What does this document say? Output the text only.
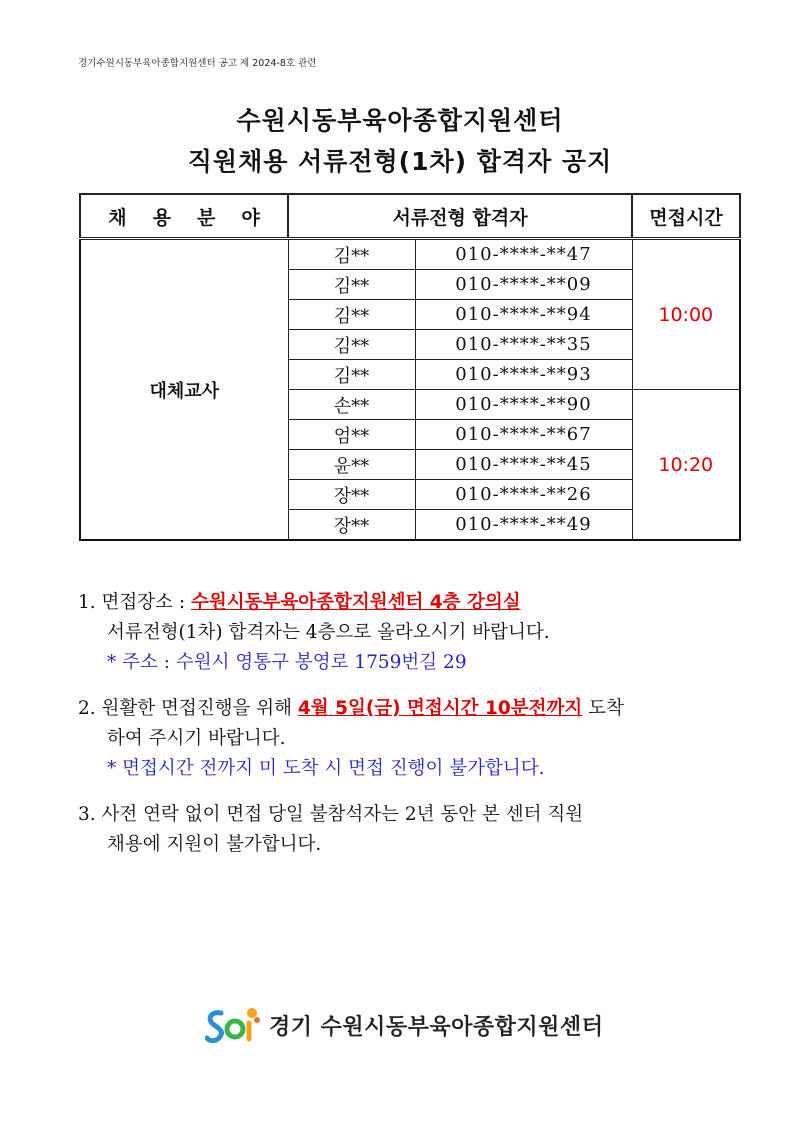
경기수원시동부육아종합지원센터 공고 제 2024-8호 관련
수원시동부육아종합지원센터
직원채용 서류전형(1차) 합격자 공지
채용분야	서류전형 합격자		면접시간
대체교사	김**	010-****-**47	10:00
	김**	010-****-**09	
	김**	010-****-**94	
	김**	010-****-**35	
	김**	010-****-**93	
	손**	010-****-**90	10:20
	엄**	010-****-**67	
	윤**	010-****-**45	
	장**	010-****-**26	
	장**	010-****-**49	
1. 면접장소 : 수원시동부육아종합지원센터 4층 강의실
서류전형(1차) 합격자는 4층으로 올라오시기 바랍니다.
* 주소 : 수원시 영통구 봉영로 1759번길 29
2. 원활한 면접진행을 위해 4월 5일(금) 면접시간 10분전까지 도착
하여 주시기 바랍니다.
* 면접시간 전까지 미 도착 시 면접 진행이 불가합니다.
3. 사전 연락 없이 면접 당일 불참석자는 2년 동안 본 센터 직원
채용에 지원이 불가합니다.
경기 수원시동부육아종합지원센터
